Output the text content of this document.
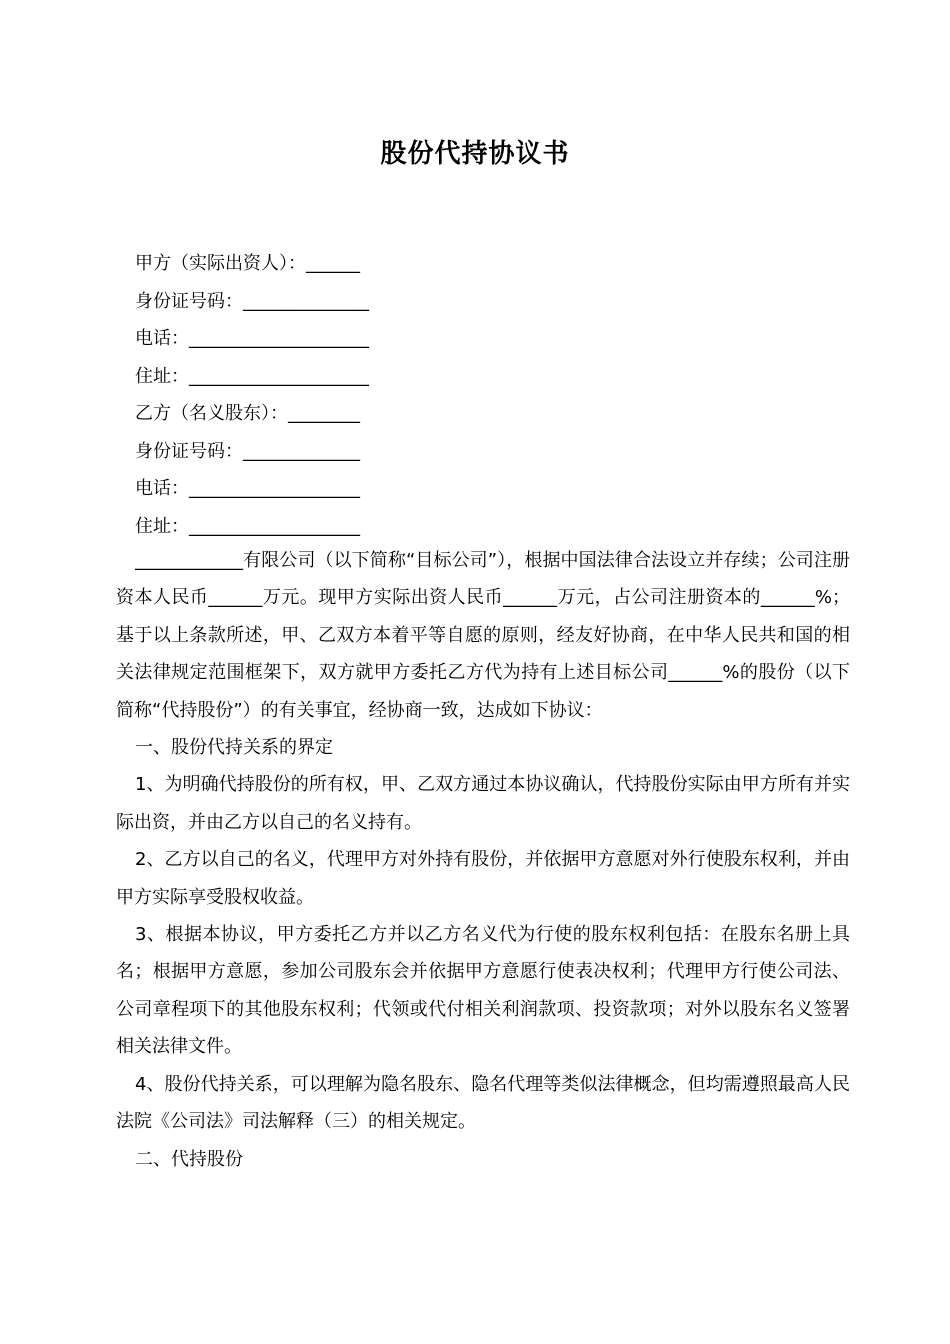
股份代持协议书
甲方（实际出资人）：______
身份证号码：______________
电话：____________________
住址：____________________
乙方（名义股东）：________
身份证号码：_____________
电话：___________________
住址：___________________

____________有限公司（以下简称“目标公司”），根据中国法律合法设立并存续；公司注册资本人民币______万元。现甲方实际出资人民币______万元，占公司注册资本的______%；基于以上条款所述，甲、乙双方本着平等自愿的原则，经友好协商，在中华人民共和国的相关法律规定范围框架下，双方就甲方委托乙方代为持有上述目标公司______%的股份（以下简称“代持股份”）的有关事宜，经协商一致，达成如下协议：

一、股份代持关系的界定

1、为明确代持股份的所有权，甲、乙双方通过本协议确认，代持股份实际由甲方所有并实际出资，并由乙方以自己的名义持有。

2、乙方以自己的名义，代理甲方对外持有股份，并依据甲方意愿对外行使股东权利，并由甲方实际享受股权收益。

3、根据本协议，甲方委托乙方并以乙方名义代为行使的股东权利包括：在股东名册上具名；根据甲方意愿，参加公司股东会并依据甲方意愿行使表决权利；代理甲方行使公司法、公司章程项下的其他股东权利；代领或代付相关利润款项、投资款项；对外以股东名义签署相关法律文件。

4、股份代持关系，可以理解为隐名股东、隐名代理等类似法律概念，但均需遵照最高人民法院《公司法》司法解释（三）的相关规定。

二、代持股份
